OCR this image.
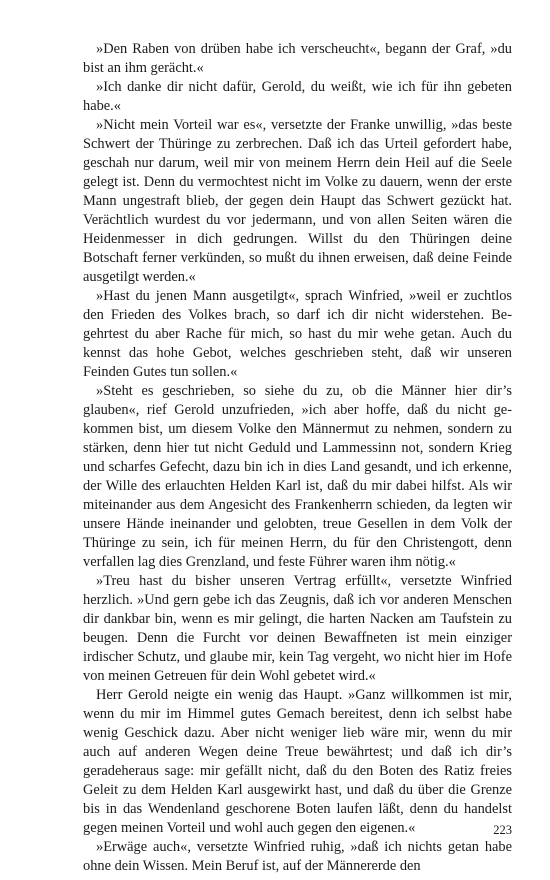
»Den Raben von drüben habe ich verscheucht«, begann der Graf, »du bist an ihm gerächt.«

»Ich danke dir nicht dafür, Gerold, du weißt, wie ich für ihn gebeten habe.«

»Nicht mein Vorteil war es«, versetzte der Franke unwillig, »das beste Schwert der Thüringe zu zerbrechen. Daß ich das Urteil gefordert habe, geschah nur darum, weil mir von meinem Herrn dein Heil auf die Seele gelegt ist. Denn du vermochtest nicht im Volke zu dauern, wenn der erste Mann ungestraft blieb, der gegen dein Haupt das Schwert gezückt hat. Verächtlich wurdest du vor jedermann, und von allen Seiten wären die Heidenmesser in dich gedrungen. Willst du den Thüringen deine Botschaft ferner verkünden, so mußt du ihnen erweisen, daß deine Feinde ausgetilgt werden.«

»Hast du jenen Mann ausgetilgt«, sprach Winfried, »weil er zuchtlos den Frieden des Volkes brach, so darf ich dir nicht widerstehen. Begehrtest du aber Rache für mich, so hast du mir wehe getan. Auch du kennst das hohe Gebot, welches geschrieben steht, daß wir unseren Feinden Gutes tun sollen.«

»Steht es geschrieben, so siehe du zu, ob die Männer hier dir’s glauben«, rief Gerold unzufrieden, »ich aber hoffe, daß du nicht gekommen bist, um diesem Volke den Männermut zu nehmen, sondern zu stärken, denn hier tut nicht Geduld und Lammessinn not, sondern Krieg und scharfes Gefecht, dazu bin ich in dies Land gesandt, und ich erkenne, der Wille des erlauchten Helden Karl ist, daß du mir dabei hilfst. Als wir miteinander aus dem Angesicht des Frankenherrn schieden, da legten wir unsere Hände ineinander und gelobten, treue Gesellen in dem Volk der Thüringe zu sein, ich für meinen Herrn, du für den Christengott, denn verfallen lag dies Grenzland, und feste Führer waren ihm nötig.«

»Treu hast du bisher unseren Vertrag erfüllt«, versetzte Winfried herzlich. »Und gern gebe ich das Zeugnis, daß ich vor anderen Menschen dir dankbar bin, wenn es mir gelingt, die harten Nacken am Taufstein zu beugen. Denn die Furcht vor deinen Bewaffneten ist mein einziger irdischer Schutz, und glaube mir, kein Tag vergeht, wo nicht hier im Hofe von meinen Getreuen für dein Wohl gebetet wird.«

Herr Gerold neigte ein wenig das Haupt. »Ganz willkommen ist mir, wenn du mir im Himmel gutes Gemach bereitest, denn ich selbst habe wenig Geschick dazu. Aber nicht weniger lieb wäre mir, wenn du mir auch auf anderen Wegen deine Treue bewährtest; und daß ich dir’s geradeheraus sage: mir gefällt nicht, daß du den Boten des Ratiz freies Geleit zu dem Helden Karl ausgewirkt hast, und daß du über die Grenze bis in das Wendenland geschorene Boten laufen läßt, denn du handelst gegen meinen Vorteil und wohl auch gegen den eigenen.«

»Erwäge auch«, versetzte Winfried ruhig, »daß ich nichts getan habe ohne dein Wissen. Mein Beruf ist, auf der Männererde den

223
